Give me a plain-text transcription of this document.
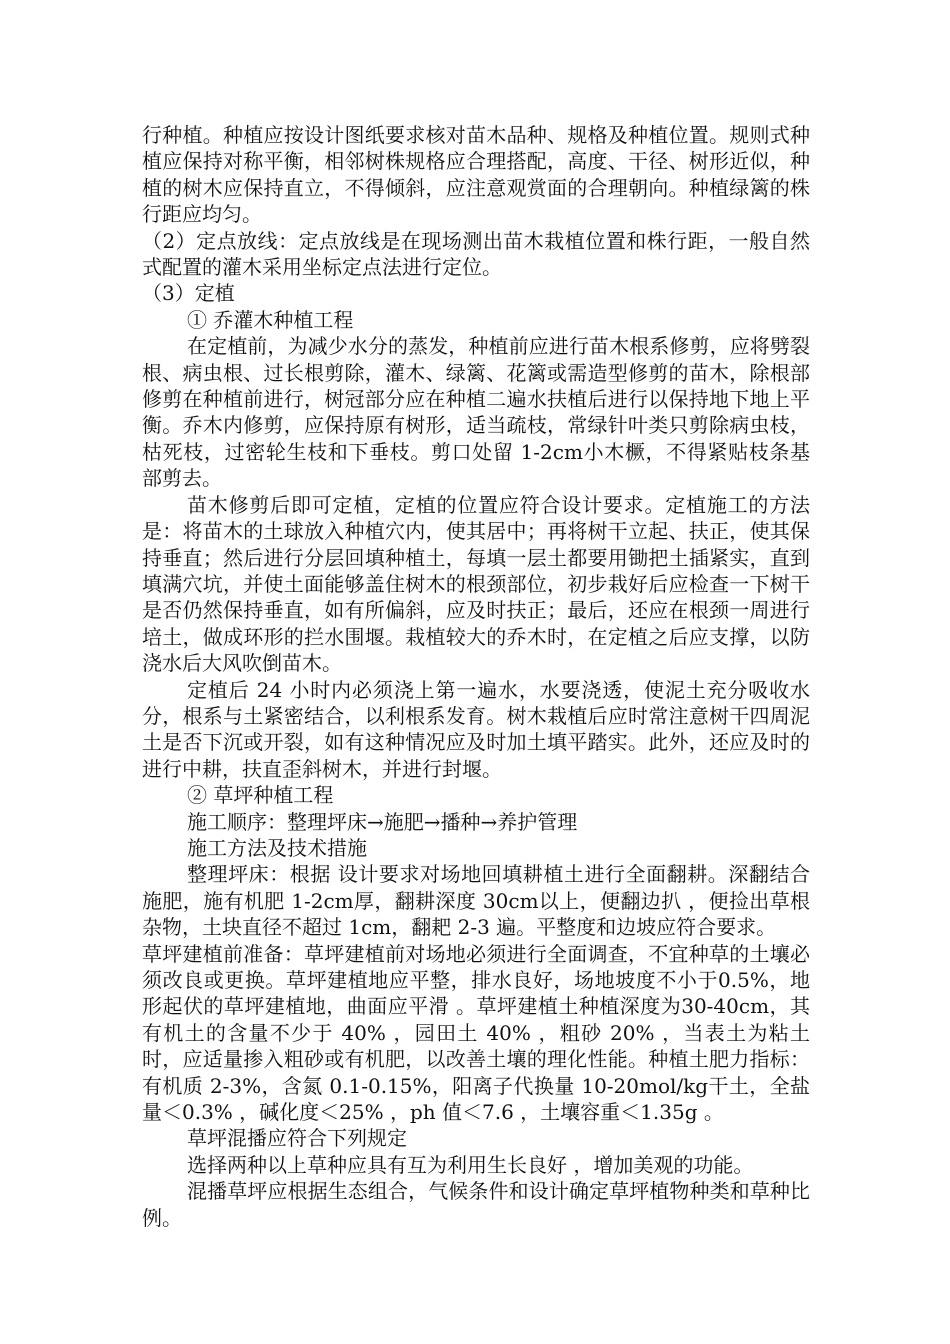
行种植。种植应按设计图纸要求核对苗木品种、规格及种植位置。规则式种植应保持对称平衡，相邻树株规格应合理搭配，高度、干径、树形近似，种植的树木应保持直立，不得倾斜，应注意观赏面的合理朝向。种植绿篱的株行距应均匀。

（2）定点放线：定点放线是在现场测出苗木栽植位置和株行距，一般自然式配置的灌木采用坐标定点法进行定位。

（3）定植

① 乔灌木种植工程

在定植前，为减少水分的蒸发，种植前应进行苗木根系修剪，应将劈裂根、病虫根、过长根剪除，灌木、绿篱、花篱或需造型修剪的苗木，除根部修剪在种植前进行，树冠部分应在种植二遍水扶植后进行以保持地下地上平衡。乔木内修剪，应保持原有树形，适当疏枝，常绿针叶类只剪除病虫枝，枯死枝，过密轮生枝和下垂枝。剪口处留 1-2cm小木橛，不得紧贴枝条基部剪去。

苗木修剪后即可定植，定植的位置应符合设计要求。定植施工的方法是：将苗木的土球放入种植穴内，使其居中；再将树干立起、扶正，使其保持垂直；然后进行分层回填种植土，每填一层土都要用锄把土插紧实，直到填满穴坑，并使土面能够盖住树木的根颈部位，初步栽好后应检查一下树干是否仍然保持垂直，如有所偏斜，应及时扶正；最后，还应在根颈一周进行培土，做成环形的拦水围堰。栽植较大的乔木时，在定植之后应支撑，以防浇水后大风吹倒苗木。

定植后 24 小时内必须浇上第一遍水，水要浇透，使泥土充分吸收水分，根系与土紧密结合，以利根系发育。树木栽植后应时常注意树干四周泥土是否下沉或开裂，如有这种情况应及时加土填平踏实。此外，还应及时的进行中耕，扶直歪斜树木，并进行封堰。

② 草坪种植工程

施工顺序：整理坪床→施肥→播种→养护管理

施工方法及技术措施

整理坪床：根据 设计要求对场地回填耕植土进行全面翻耕。深翻结合施肥，施有机肥 1-2cm厚，翻耕深度 30cm以上，便翻边扒 ，便捡出草根杂物，土块直径不超过 1cm，翻耙 2-3 遍。平整度和边坡应符合要求。

草坪建植前准备：草坪建植前对场地必须进行全面调查，不宜种草的土壤必须改良或更换。草坪建植地应平整，排水良好，场地坡度不小于0.5%，地形起伏的草坪建植地，曲面应平滑 。草坪建植土种植深度为30-40cm，其有机土的含量不少于 40% ，园田土 40% ，粗砂 20% ，当表土为粘土时，应适量掺入粗砂或有机肥，以改善土壤的理化性能。种植土肥力指标：有机质 2-3%，含氮 0.1-0.15%，阳离子代换量 10-20mol/kg干土，全盐量＜0.3% ，碱化度＜25% ，ph 值＜7.6 ，土壤容重＜1.35g 。

草坪混播应符合下列规定

选择两种以上草种应具有互为利用生长良好 ，增加美观的功能。

混播草坪应根据生态组合，气候条件和设计确定草坪植物种类和草种比例。
